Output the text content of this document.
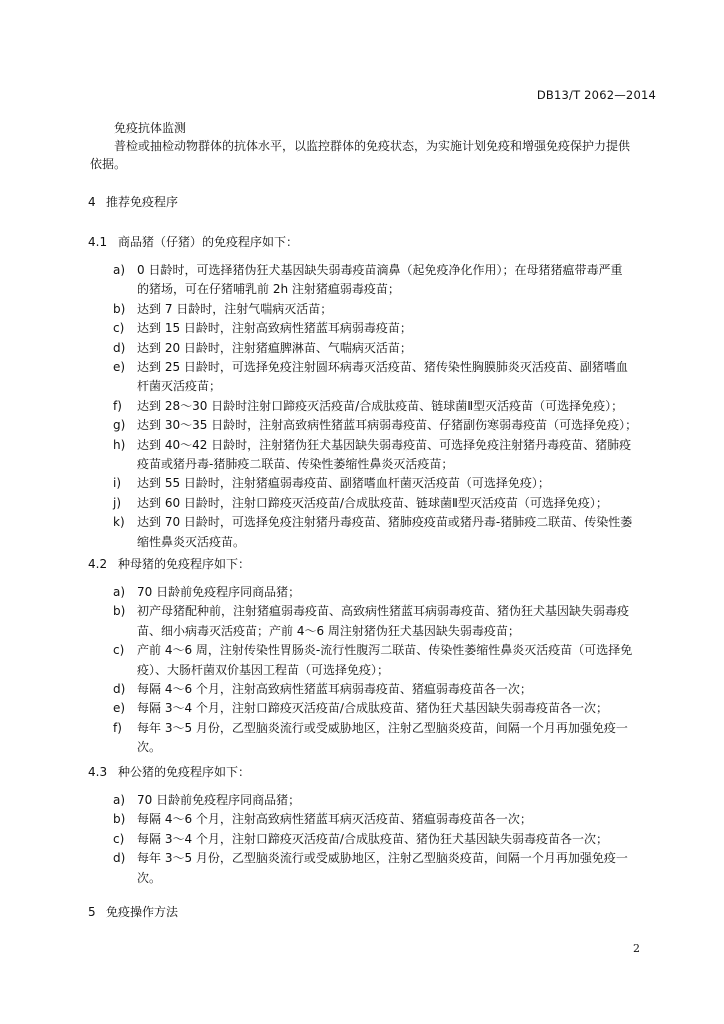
DB13/T 2062—2014
免疫抗体监测
普检或抽检动物群体的抗体水平，以监控群体的免疫状态，为实施计划免疫和增强免疫保护力提供
依据。
4 推荐免疫程序
4.1 商品猪（仔猪）的免疫程序如下：
a) 0 日龄时，可选择猪伪狂犬基因缺失弱毒疫苗滴鼻（起免疫净化作用）；在母猪猪瘟带毒严重
的猪场，可在仔猪哺乳前 2h 注射猪瘟弱毒疫苗；
b) 达到 7 日龄时，注射气喘病灭活苗；
c) 达到 15 日龄时，注射高致病性猪蓝耳病弱毒疫苗；
d) 达到 20 日龄时，注射猪瘟脾淋苗、气喘病灭活苗；
e) 达到 25 日龄时，可选择免疫注射圆环病毒灭活疫苗、猪传染性胸膜肺炎灭活疫苗、副猪嗜血
杆菌灭活疫苗；
f) 达到 28～30 日龄时注射口蹄疫灭活疫苗/合成肽疫苗、链球菌Ⅱ型灭活疫苗（可选择免疫）；
g) 达到 30～35 日龄时，注射高致病性猪蓝耳病弱毒疫苗、仔猪副伤寒弱毒疫苗（可选择免疫）；
h) 达到 40～42 日龄时，注射猪伪狂犬基因缺失弱毒疫苗、可选择免疫注射猪丹毒疫苗、猪肺疫
疫苗或猪丹毒-猪肺疫二联苗、传染性萎缩性鼻炎灭活疫苗；
i) 达到 55 日龄时，注射猪瘟弱毒疫苗、副猪嗜血杆菌灭活疫苗（可选择免疫）；
j) 达到 60 日龄时，注射口蹄疫灭活疫苗/合成肽疫苗、链球菌Ⅱ型灭活疫苗（可选择免疫）；
k) 达到 70 日龄时，可选择免疫注射猪丹毒疫苗、猪肺疫疫苗或猪丹毒-猪肺疫二联苗、传染性萎
缩性鼻炎灭活疫苗。
4.2 种母猪的免疫程序如下：
a) 70 日龄前免疫程序同商品猪；
b) 初产母猪配种前，注射猪瘟弱毒疫苗、高致病性猪蓝耳病弱毒疫苗、猪伪狂犬基因缺失弱毒疫
苗、细小病毒灭活疫苗；产前 4～6 周注射猪伪狂犬基因缺失弱毒疫苗；
c) 产前 4～6 周，注射传染性胃肠炎-流行性腹泻二联苗、传染性萎缩性鼻炎灭活疫苗（可选择免
疫）、大肠杆菌双价基因工程苗（可选择免疫）；
d) 每隔 4～6 个月，注射高致病性猪蓝耳病弱毒疫苗、猪瘟弱毒疫苗各一次；
e) 每隔 3～4 个月，注射口蹄疫灭活疫苗/合成肽疫苗、猪伪狂犬基因缺失弱毒疫苗各一次；
f) 每年 3～5 月份，乙型脑炎流行或受威胁地区，注射乙型脑炎疫苗，间隔一个月再加强免疫一
次。
4.3 种公猪的免疫程序如下：
a) 70 日龄前免疫程序同商品猪；
b) 每隔 4～6 个月，注射高致病性猪蓝耳病灭活疫苗、猪瘟弱毒疫苗各一次；
c) 每隔 3～4 个月，注射口蹄疫灭活疫苗/合成肽疫苗、猪伪狂犬基因缺失弱毒疫苗各一次；
d) 每年 3～5 月份，乙型脑炎流行或受威胁地区，注射乙型脑炎疫苗，间隔一个月再加强免疫一
次。
5 免疫操作方法
2
